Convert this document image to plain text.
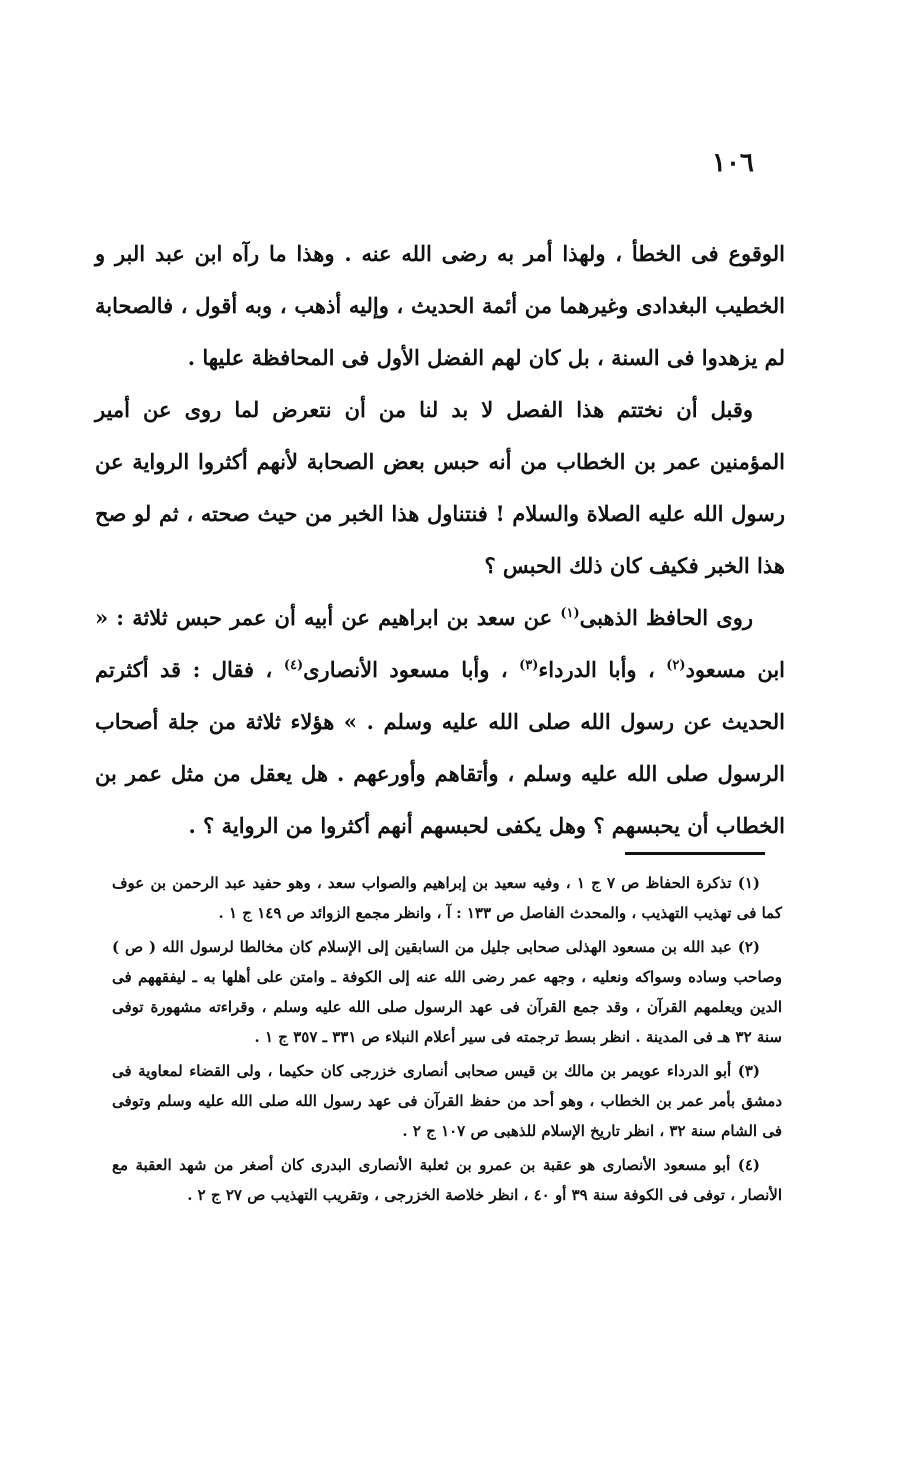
١٠٦

الوقوع فى الخطأ ، ولهذا أمر به رضى الله عنه . وهذا ما رآه ابن عبد البر و الخطيب البغدادى وغيرهما من أئمة الحديث ، وإليه أذهب ، وبه أقول ، فالصحابة لم يزهدوا فى السنة ، بل كان لهم الفضل الأول فى المحافظة عليها .

وقبل أن نختتم هذا الفصل لا بد لنا من أن نتعرض لما روى عن أمير المؤمنين عمر بن الخطاب من أنه حبس بعض الصحابة لأنهم أكثروا الرواية عن رسول الله عليه الصلاة والسلام ! فنتناول هذا الخبر من حيث صحته ، ثم لو صح هذا الخبر فكيف كان ذلك الحبس ؟

روى الحافظ الذهبى$^{(١)}$ عن سعد بن ابراهيم عن أبيه أن عمر حبس ثلاثة : « ابن مسعود$^{(٢)}$ ، وأبا الدرداء$^{(٣)}$ ، وأبا مسعود الأنصارى$^{(٤)}$ ، فقال : قد أكثرتم الحديث عن رسول الله صلى الله عليه وسلم . » هؤلاء ثلاثة من جلة أصحاب الرسول صلى الله عليه وسلم ، وأتقاهم وأورعهم . هل يعقل من مثل عمر بن الخطاب أن يحبسهم ؟ وهل يكفى لحبسهم أنهم أكثروا من الرواية ؟ .

(١) تذكرة الحفاظ ص ٧ ج ١ ، وفيه سعيد بن إبراهيم والصواب سعد ، وهو حفيد عبد الرحمن بن عوف كما فى تهذيب التهذيب ، والمحدث الفاصل ص ١٣٣ : آ ، وانظر مجمع الزوائد ص ١٤٩ ج ١ .

(٢) عبد الله بن مسعود الهذلى صحابى جليل من السابقين إلى الإسلام كان مخالطا لرسول الله ( ص ) وصاحب وساده وسواكه ونعليه ، وجهه عمر رضى الله عنه إلى الكوفة ـ وامتن على أهلها به ـ ليفقههم فى الدين ويعلمهم القرآن ، وقد جمع القرآن فى عهد الرسول صلى الله عليه وسلم ، وقراءته مشهورة توفى سنة ٣٢ هـ فى المدينة . انظر بسط ترجمته فى سير أعلام النبلاء ص ٣٣١ ـ ٣٥٧ ج ١ .

(٣) أبو الدرداء عويمر بن مالك بن قيس صحابى أنصارى خزرجى كان حكيما ، ولى القضاء لمعاوية فى دمشق بأمر عمر بن الخطاب ، وهو أحد من حفظ القرآن فى عهد رسول الله صلى الله عليه وسلم وتوفى فى الشام سنة ٣٢ ، انظر تاريخ الإسلام للذهبى ص ١٠٧ ج ٢ .

(٤) أبو مسعود الأنصارى هو عقبة بن عمرو بن ثعلبة الأنصارى البدرى كان أصغر من شهد العقبة مع الأنصار ، توفى فى الكوفة سنة ٣٩ أو ٤٠ ، انظر خلاصة الخزرجى ، وتقريب التهذيب ص ٢٧ ج ٢ .
